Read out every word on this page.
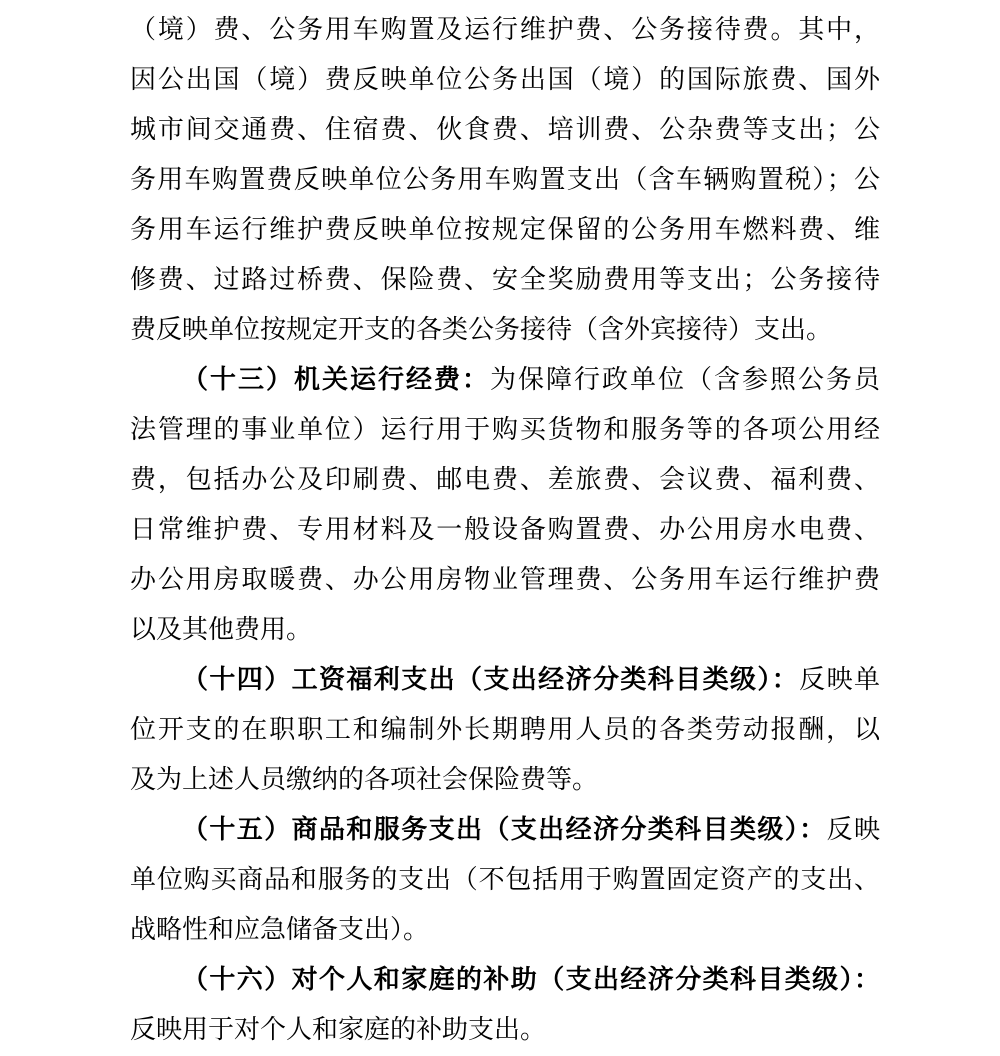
（境）费、公务用车购置及运行维护费、公务接待费。其中，
因公出国（境）费反映单位公务出国（境）的国际旅费、国外
城市间交通费、住宿费、伙食费、培训费、公杂费等支出；公
务用车购置费反映单位公务用车购置支出（含车辆购置税）；公
务用车运行维护费反映单位按规定保留的公务用车燃料费、维
修费、过路过桥费、保险费、安全奖励费用等支出；公务接待
费反映单位按规定开支的各类公务接待（含外宾接待）支出。
（十三）机关运行经费：为保障行政单位（含参照公务员
法管理的事业单位）运行用于购买货物和服务等的各项公用经
费，包括办公及印刷费、邮电费、差旅费、会议费、福利费、
日常维护费、专用材料及一般设备购置费、办公用房水电费、
办公用房取暖费、办公用房物业管理费、公务用车运行维护费
以及其他费用。
（十四）工资福利支出（支出经济分类科目类级）：反映单
位开支的在职职工和编制外长期聘用人员的各类劳动报酬，以
及为上述人员缴纳的各项社会保险费等。
（十五）商品和服务支出（支出经济分类科目类级）：反映
单位购买商品和服务的支出（不包括用于购置固定资产的支出、
战略性和应急储备支出）。
（十六）对个人和家庭的补助（支出经济分类科目类级）：
反映用于对个人和家庭的补助支出。
